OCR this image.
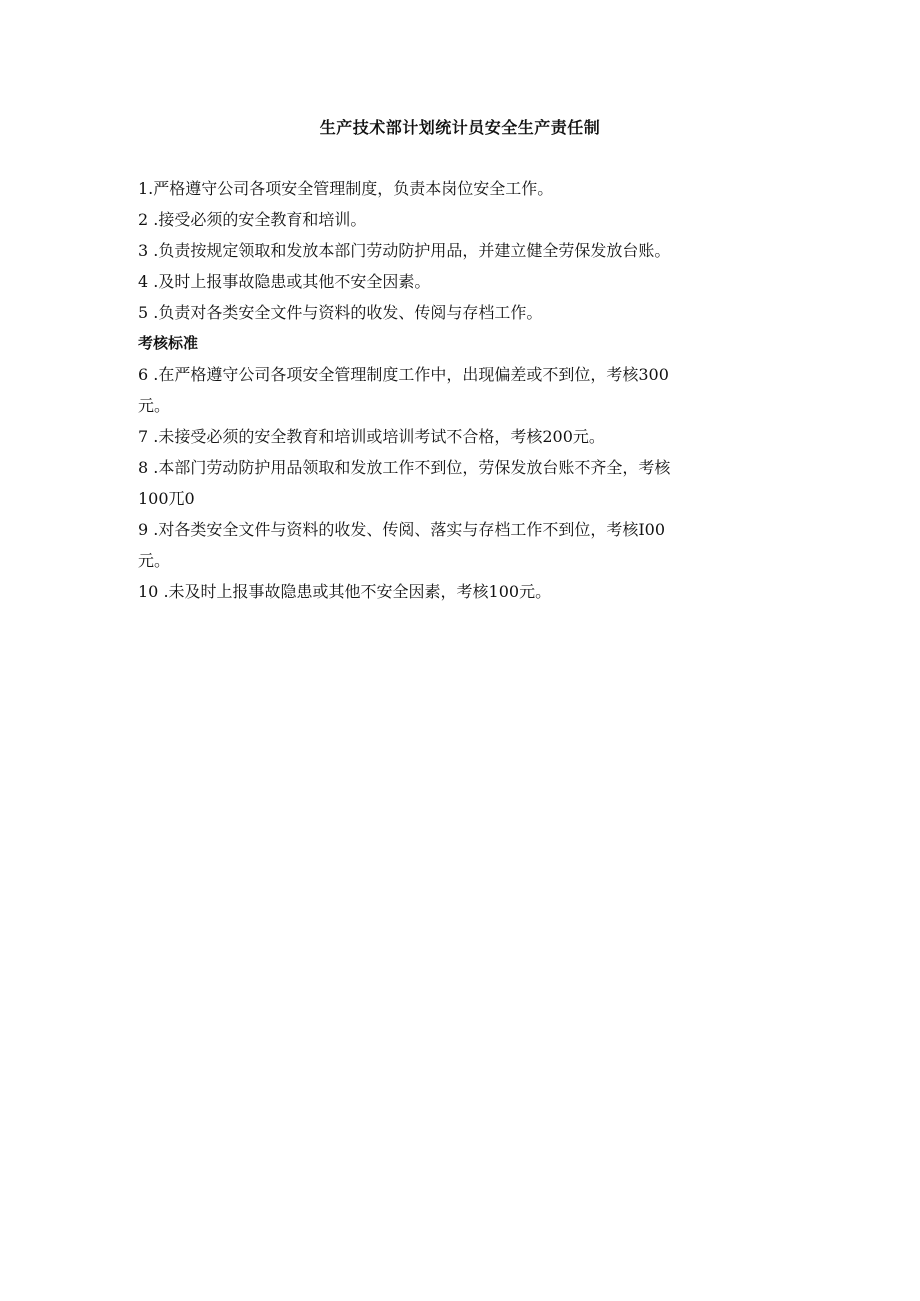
生产技术部计划统计员安全生产责任制
1.严格遵守公司各项安全管理制度，负责本岗位安全工作。
2 .接受必须的安全教育和培训。
3 .负责按规定领取和发放本部门劳动防护用品，并建立健全劳保发放台账。
4 .及时上报事故隐患或其他不安全因素。
5 .负责对各类安全文件与资料的收发、传阅与存档工作。
考核标准
6 .在严格遵守公司各项安全管理制度工作中，出现偏差或不到位，考核300
元。
7 .未接受必须的安全教育和培训或培训考试不合格，考核200元。
8 .本部门劳动防护用品领取和发放工作不到位，劳保发放台账不齐全，考核
100兀0
9 .对各类安全文件与资料的收发、传阅、落实与存档工作不到位，考核I00
元。
10 .未及时上报事故隐患或其他不安全因素，考核100元。
